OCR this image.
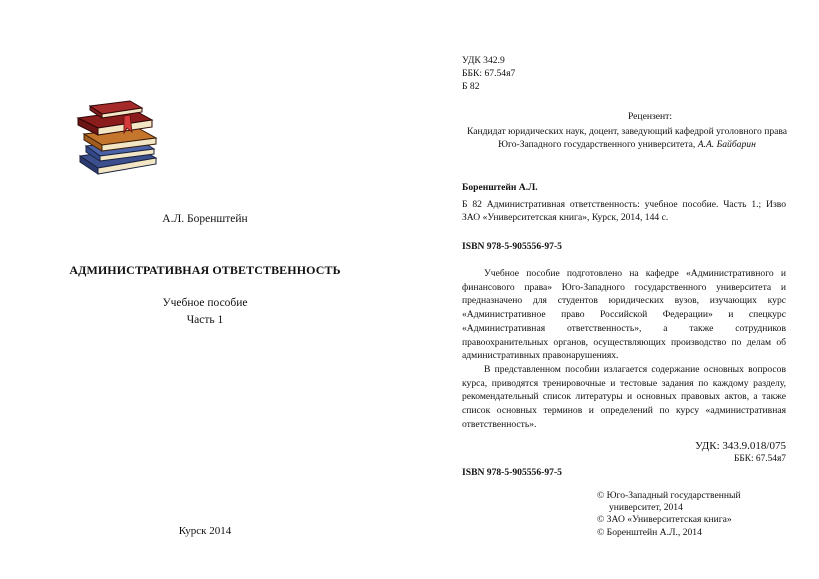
А.Л. Боренштейн
АДМИНИСТРАТИВНАЯ ОТВЕТСТВЕННОСТЬ
Учебное пособие
Часть 1
Курск 2014
УДК 342.9
ББК: 67.54я7
Б 82
Рецензент:
Кандидат юридических наук, доцент, заведующий кафедрой уголовного права Юго-Западного государственного университета, А.А. Байбарин
Боренштейн А.Л.
Б 82 Административная ответственность: учебное пособие. Часть 1.; Изво ЗАО «Университетская книга», Курск, 2014, 144 с.
ISBN 978-5-905556-97-5

Учебное пособие подготовлено на кафедре «Административного и финансового права» Юго-Западного государственного университета и предназначено для студентов юридических вузов, изучающих курс «Административное право Российской Федерации» и спецкурс «Административная ответственность», а также сотрудников правоохранительных органов, осуществляющих производство по делам об административных правонарушениях.

В представленном пособии излагается содержание основных вопросов курса, приводятся тренировочные и тестовые задания по каждому разделу, рекомендательный список литературы и основных правовых актов, а также список основных терминов и определений по курсу «административная ответственность».

УДК: 343.9.018/075
ББК: 67.54я7
ISBN 978-5-905556-97-5
© Юго-Западный государственный
университет, 2014
© ЗАО «Университетская книга»
© Боренштейн А.Л., 2014
